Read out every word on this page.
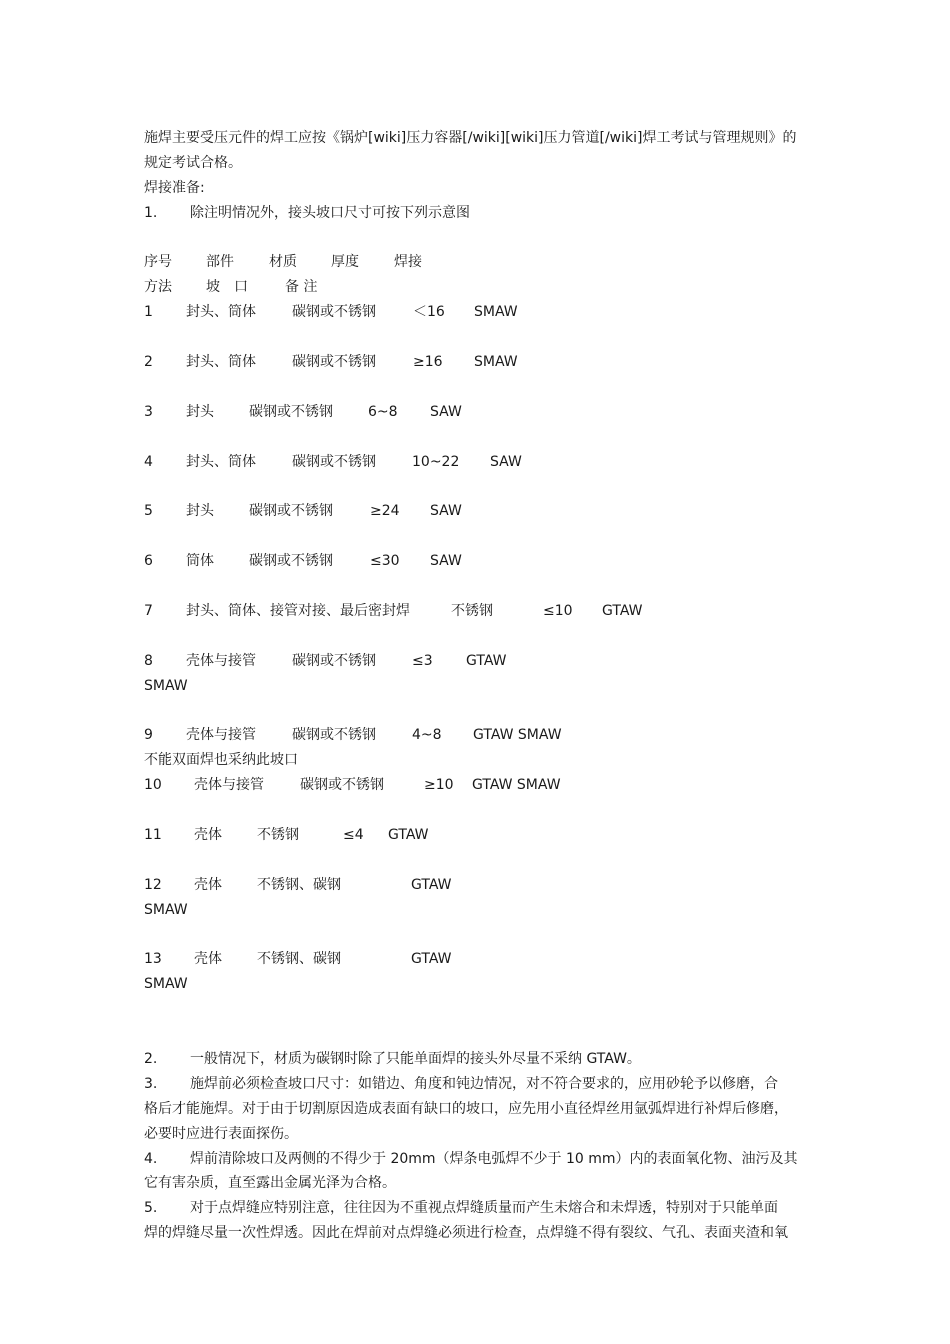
施焊主要受压元件的焊工应按《锅炉[wiki]压力容器[/wiki][wiki]压力管道[/wiki]焊工考试与管理规则》的
规定考试合格。
焊接准备:
1. 除注明情况外，接头坡口尺寸可按下列示意图
序号 部件	材质 厚度	焊接
方法 坡　口	备 注
1 封头、筒体	碳钢或不锈钢	＜16 SMAW
2 封头、筒体	碳钢或不锈钢	≥16 SMAW
3 封头	碳钢或不锈钢	6~8 SAW
4 封头、筒体	碳钢或不锈钢	10~22 SAW
5 封头	碳钢或不锈钢	≥24 SAW
6 筒体	碳钢或不锈钢	≤30 SAW
7 封头、筒体、接管对接、最后密封焊	不锈钢	≤10 GTAW
8 壳体与接管	碳钢或不锈钢	≤3 GTAW
SMAW
9 壳体与接管	碳钢或不锈钢	4~8 GTAW SMAW
不能双面焊也采纳此坡口
10 壳体与接管	碳钢或不锈钢	≥10 GTAW SMAW
11 壳体	不锈钢	≤4 GTAW
12 壳体	不锈钢、碳钢	GTAW
SMAW
13 壳体	不锈钢、碳钢	GTAW
SMAW
2. 一般情况下，材质为碳钢时除了只能单面焊的接头外尽量不采纳 GTAW。
3. 施焊前必须检查坡口尺寸：如错边、角度和钝边情况，对不符合要求的，应用砂轮予以修磨，合
格后才能施焊。对于由于切割原因造成表面有缺口的坡口，应先用小直径焊丝用氩弧焊进行补焊后修磨，
必要时应进行表面探伤。
4. 焊前清除坡口及两侧的不得少于 20mm（焊条电弧焊不少于 10 mm）内的表面氧化物、油污及其
它有害杂质，直至露出金属光泽为合格。
5. 对于点焊缝应特别注意，往往因为不重视点焊缝质量而产生未熔合和未焊透，特别对于只能单面
焊的焊缝尽量一次性焊透。因此在焊前对点焊缝必须进行检查，点焊缝不得有裂纹、气孔、表面夹渣和氧
